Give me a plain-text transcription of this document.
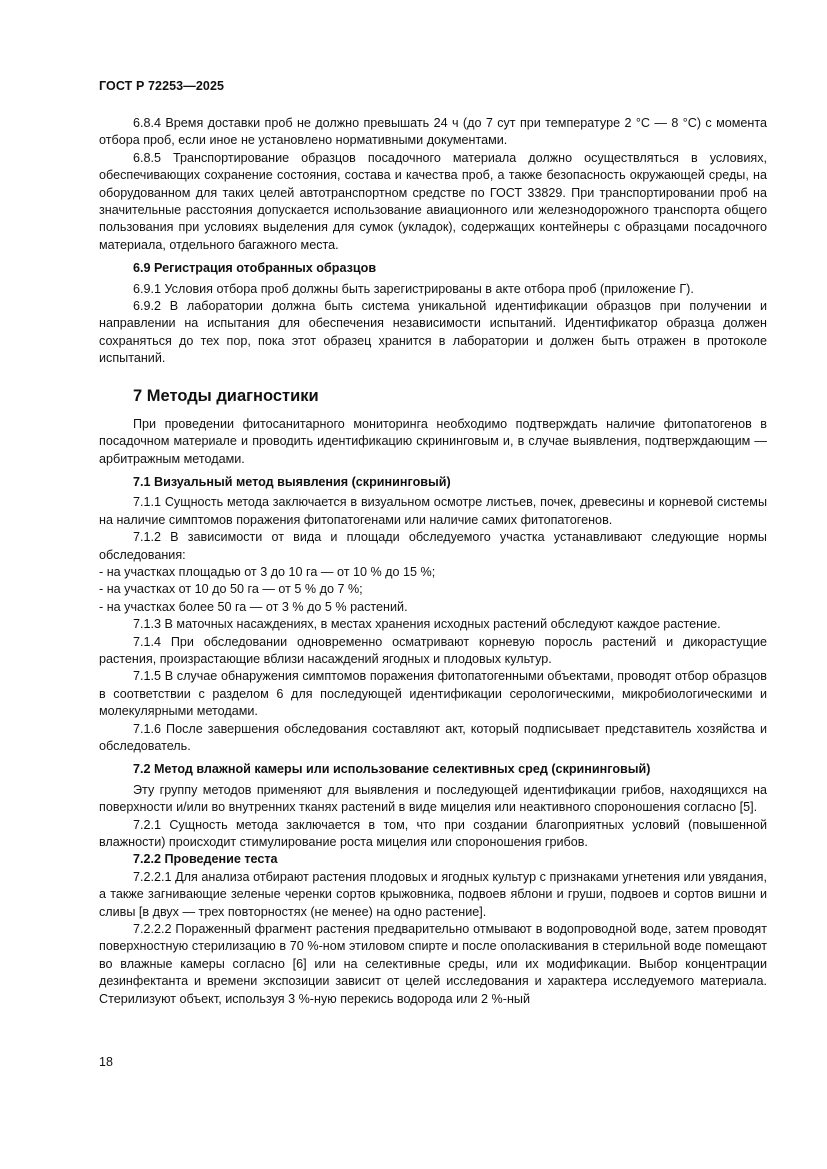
ГОСТ Р 72253—2025

6.8.4 Время доставки проб не должно превышать 24 ч (до 7 сут при температуре 2 °C — 8 °C) с момента отбора проб, если иное не установлено нормативными документами.

6.8.5 Транспортирование образцов посадочного материала должно осуществляться в условиях, обеспечивающих сохранение состояния, состава и качества проб, а также безопасность окружающей среды, на оборудованном для таких целей автотранспортном средстве по ГОСТ 33829. При транспортировании проб на значительные расстояния допускается использование авиационного или железнодорожного транспорта общего пользования при условиях выделения для сумок (укладок), содержащих контейнеры с образцами посадочного материала, отдельного багажного места.

6.9 Регистрация отобранных образцов

6.9.1 Условия отбора проб должны быть зарегистрированы в акте отбора проб (приложение Г).

6.9.2 В лаборатории должна быть система уникальной идентификации образцов при получении и направлении на испытания для обеспечения независимости испытаний. Идентификатор образца должен сохраняться до тех пор, пока этот образец хранится в лаборатории и должен быть отражен в протоколе испытаний.

7 Методы диагностики

При проведении фитосанитарного мониторинга необходимо подтверждать наличие фитопатогенов в посадочном материале и проводить идентификацию скрининговым и, в случае выявления, подтверждающим — арбитражным методами.

7.1 Визуальный метод выявления (скрининговый)

7.1.1 Сущность метода заключается в визуальном осмотре листьев, почек, древесины и корневой системы на наличие симптомов поражения фитопатогенами или наличие самих фитопатогенов.

7.1.2 В зависимости от вида и площади обследуемого участка устанавливают следующие нормы обследования:

- на участках площадью от 3 до 10 га — от 10 % до 15 %;

- на участках от 10 до 50 га — от 5 % до 7 %;

- на участках более 50 га — от 3 % до 5 % растений.

7.1.3 В маточных насаждениях, в местах хранения исходных растений обследуют каждое растение.

7.1.4 При обследовании одновременно осматривают корневую поросль растений и дикорастущие растения, произрастающие вблизи насаждений ягодных и плодовых культур.

7.1.5 В случае обнаружения симптомов поражения фитопатогенными объектами, проводят отбор образцов в соответствии с разделом 6 для последующей идентификации серологическими, микробиологическими и молекулярными методами.

7.1.6 После завершения обследования составляют акт, который подписывает представитель хозяйства и обследователь.

7.2 Метод влажной камеры или использование селективных сред (скрининговый)

Эту группу методов применяют для выявления и последующей идентификации грибов, находящихся на поверхности и/или во внутренних тканях растений в виде мицелия или неактивного спороношения согласно [5].

7.2.1 Сущность метода заключается в том, что при создании благоприятных условий (повышенной влажности) происходит стимулирование роста мицелия или спороношения грибов.

7.2.2 Проведение теста

7.2.2.1 Для анализа отбирают растения плодовых и ягодных культур с признаками угнетения или увядания, а также загнивающие зеленые черенки сортов крыжовника, подвоев яблони и груши, подвоев и сортов вишни и сливы [в двух — трех повторностях (не менее) на одно растение].

7.2.2.2 Пораженный фрагмент растения предварительно отмывают в водопроводной воде, затем проводят поверхностную стерилизацию в 70 %-ном этиловом спирте и после ополаскивания в стерильной воде помещают во влажные камеры согласно [6] или на селективные среды, или их модификации. Выбор концентрации дезинфектанта и времени экспозиции зависит от целей исследования и характера исследуемого материала. Стерилизуют объект, используя 3 %-ную перекись водорода или 2 %-ный

18
